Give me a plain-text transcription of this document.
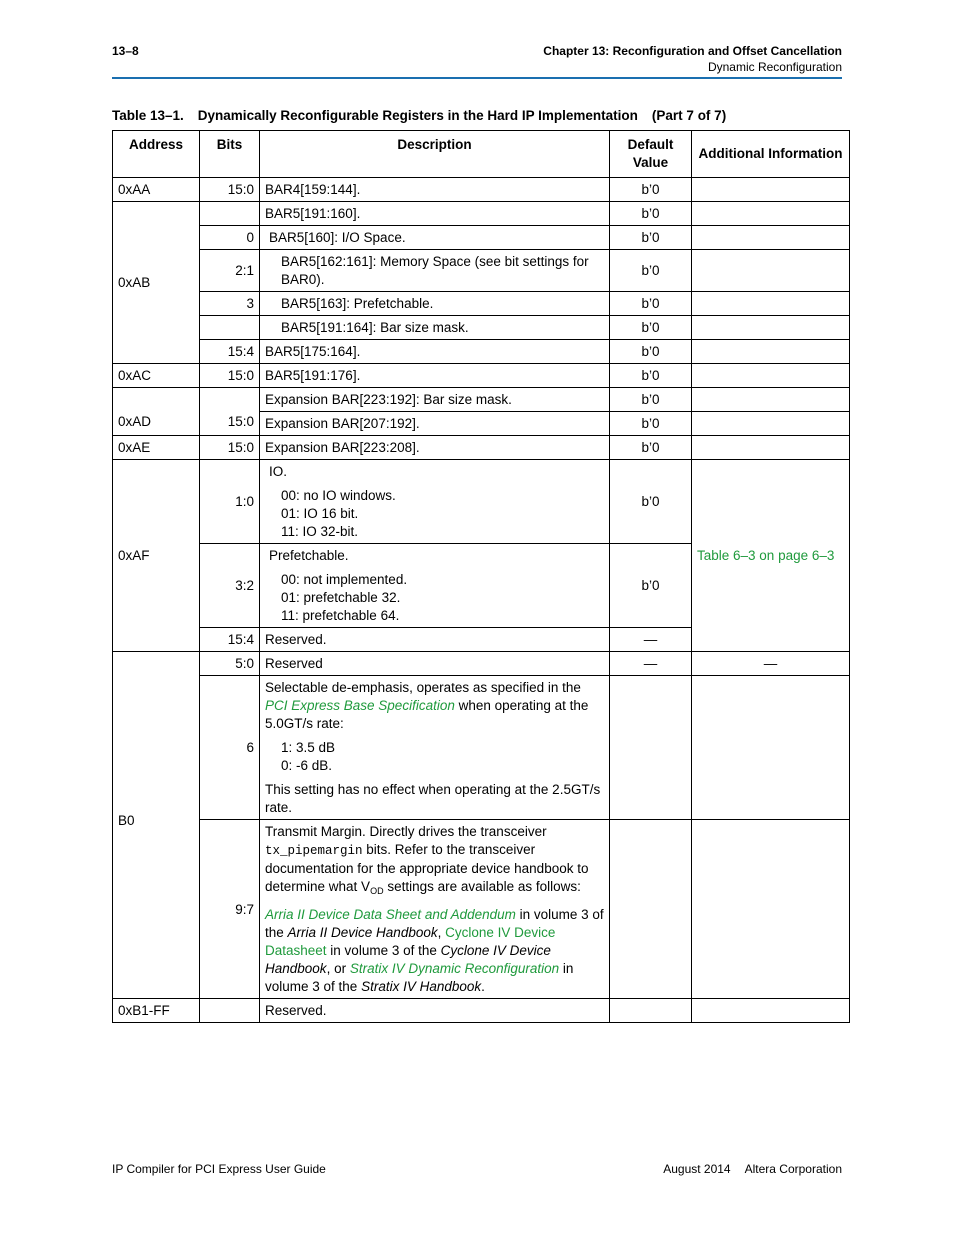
13–8	Chapter 13: Reconfiguration and Offset Cancellation
Dynamic Reconfiguration
Table 13–1. Dynamically Reconfigurable Registers in the Hard IP Implementation (Part 7 of 7)
Address	Bits	Description	Default Value	Additional Information
0xAA	15:0	BAR4[159:144].	b’0	
0xAB		BAR5[191:160].	b’0	
	0	BAR5[160]: I/O Space.	b’0	
	2:1	BAR5[162:161]: Memory Space (see bit settings for BAR0).	b’0	
	3	BAR5[163]: Prefetchable.	b’0	

		BAR5[191:164]: Bar size mask.	b’0	
	15:4	BAR5[175:164].	b’0	
0xAC	15:0	BAR5[191:176].	b’0	
0xAD	15:0	Expansion BAR[223:192]: Bar size mask.	b’0	
		Expansion BAR[207:192].	b’0	
0xAE	15:0	Expansion BAR[223:208].	b’0	
0xAF	1:0	IO.
00: no IO windows.
01: IO 16 bit.
11: IO 32-bit.	b’0	Table 6–3 on page 6–3
	3:2	Prefetchable.
00: not implemented.
01: prefetchable 32.
11: prefetchable 64.	b’0	
	15:4	Reserved.	—	
B0	5:0	Reserved	—	—
	6	Selectable de-emphasis, operates as specified in the PCI Express Base Specification when operating at the 5.0GT/s rate:
1: 3.5 dB
0: -6 dB.
This setting has no effect when operating at the 2.5GT/s rate.		

	9:7	Transmit Margin. Directly drives the transceiver tx_pipemargin bits. Refer to the transceiver documentation for the appropriate device handbook to determine what $V_{OD}$ settings are available as follows:
Arria II Device Data Sheet and Addendum in volume 3 of the Arria II Device Handbook, Cyclone IV Device Datasheet in volume 3 of the Cyclone IV Device Handbook, or Stratix IV Dynamic Reconfiguration in volume 3 of the Stratix IV Handbook.		

0xB1-FF		Reserved.		
IP Compiler for PCI Express User Guide	August 2014 Altera Corporation
